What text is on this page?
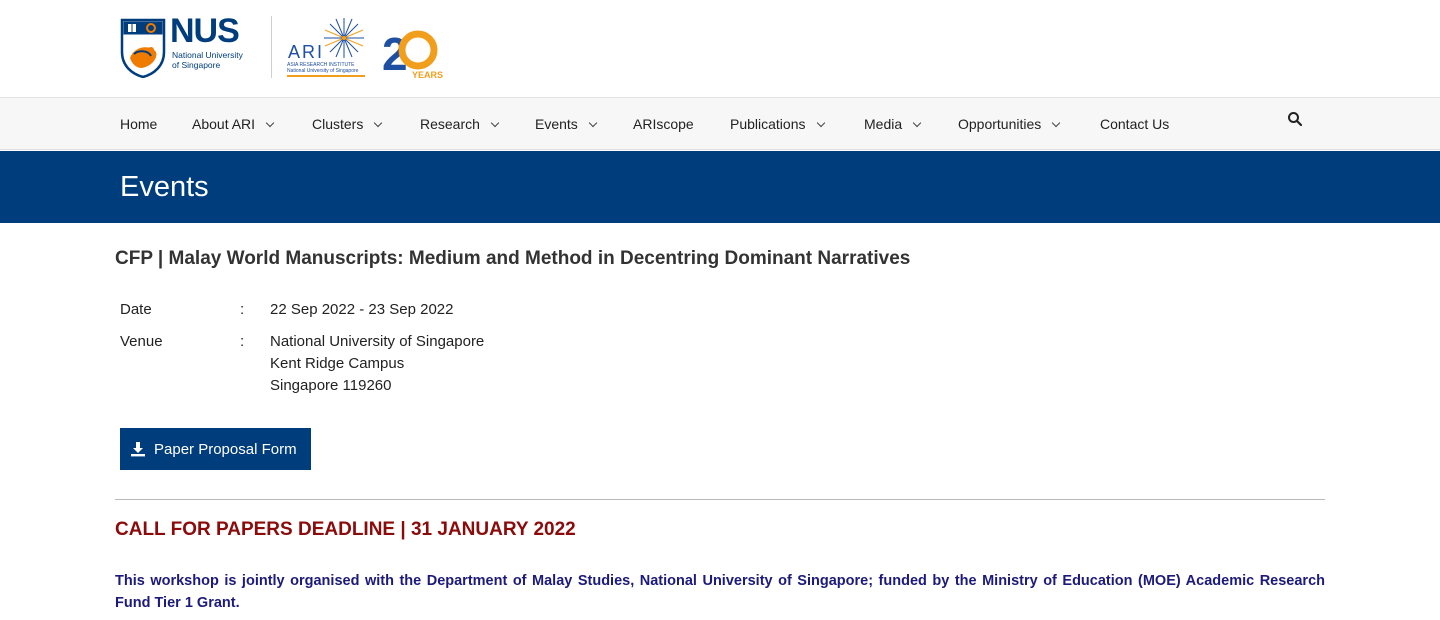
NUS
National University
of Singapore
ARI
ASIA RESEARCH INSTITUTE
National University of Singapore 2 YEARS
Home About ARI	Clusters	Research	Events	ARIscope	Publications	Media	Opportunities	Contact Us
Events
CFP | Malay World Manuscripts: Medium and Method in Decentring Dominant Narratives
Date	: 22 Sep 2022 - 23 Sep 2022
Venue	: National University of Singapore
Kent Ridge Campus
Singapore 119260
Paper Proposal Form
CALL FOR PAPERS DEADLINE | 31 JANUARY 2022
This workshop is jointly organised with the Department of Malay Studies, National University of Singapore; funded by the Ministry of Education (MOE) Academic Research Fund Tier 1 Grant.
